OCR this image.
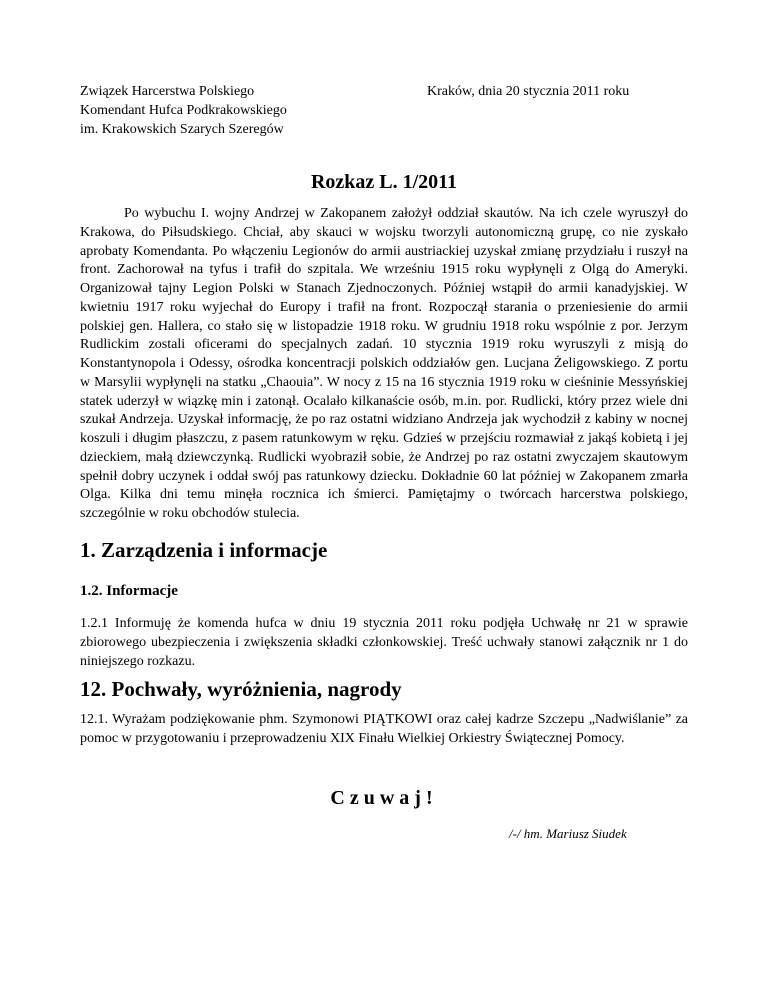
Związek Harcerstwa Polskiego
Komendant Hufca Podkrakowskiego
im. Krakowskich Szarych Szeregów
Kraków, dnia 20 stycznia 2011 roku
Rozkaz L. 1/2011

Po wybuchu I. wojny Andrzej w Zakopanem założył oddział skautów. Na ich czele wyruszył do Krakowa, do Piłsudskiego. Chciał, aby skauci w wojsku tworzyli autonomiczną grupę, co nie zyskało aprobaty Komendanta. Po włączeniu Legionów do armii austriackiej uzyskał zmianę przydziału i ruszył na front. Zachorował na tyfus i trafił do szpitala. We wrześniu 1915 roku wypłynęli z Olgą do Ameryki. Organizował tajny Legion Polski w Stanach Zjednoczonych. Później wstąpił do armii kanadyjskiej. W kwietniu 1917 roku wyjechał do Europy i trafił na front. Rozpoczął starania o przeniesienie do armii polskiej gen. Hallera, co stało się w listopadzie 1918 roku. W grudniu 1918 roku wspólnie z por. Jerzym Rudlickim zostali oficerami do specjalnych zadań. 10 stycznia 1919 roku wyruszyli z misją do Konstantynopola i Odessy, ośrodka koncentracji polskich oddziałów gen. Lucjana Żeligowskiego. Z portu w Marsylii wypłynęli na statku „Chaouia”. W nocy z 15 na 16 stycznia 1919 roku w cieśninie Messyńskiej statek uderzył w wiązkę min i zatonął. Ocalało kilkanaście osób, m.in. por. Rudlicki, który przez wiele dni szukał Andrzeja. Uzyskał informację, że po raz ostatni widziano Andrzeja jak wychodził z kabiny w nocnej koszuli i długim płaszczu, z pasem ratunkowym w ręku. Gdzieś w przejściu rozmawiał z jakąś kobietą i jej dzieckiem, małą dziewczynką. Rudlicki wyobraził sobie, że Andrzej po raz ostatni zwyczajem skautowym spełnił dobry uczynek i oddał swój pas ratunkowy dziecku. Dokładnie 60 lat później w Zakopanem zmarła Olga. Kilka dni temu minęła rocznica ich śmierci. Pamiętajmy o twórcach harcerstwa polskiego, szczególnie w roku obchodów stulecia.

1. Zarządzenia i informacje
1.2. Informacje

1.2.1 Informuję że komenda hufca w dniu 19 stycznia 2011 roku podjęła Uchwałę nr 21 w sprawie zbiorowego ubezpieczenia i zwiększenia składki członkowskiej. Treść uchwały stanowi załącznik nr 1 do niniejszego rozkazu.

12. Pochwały, wyróżnienia, nagrody

12.1. Wyrażam podziękowanie phm. Szymonowi PIĄTKOWI oraz całej kadrze Szczepu „Nadwiślanie” za pomoc w przygotowaniu i przeprowadzeniu XIX Finału Wielkiej Orkiestry Świątecznej Pomocy.

Czuwaj!
/-/ hm. Mariusz Siudek
